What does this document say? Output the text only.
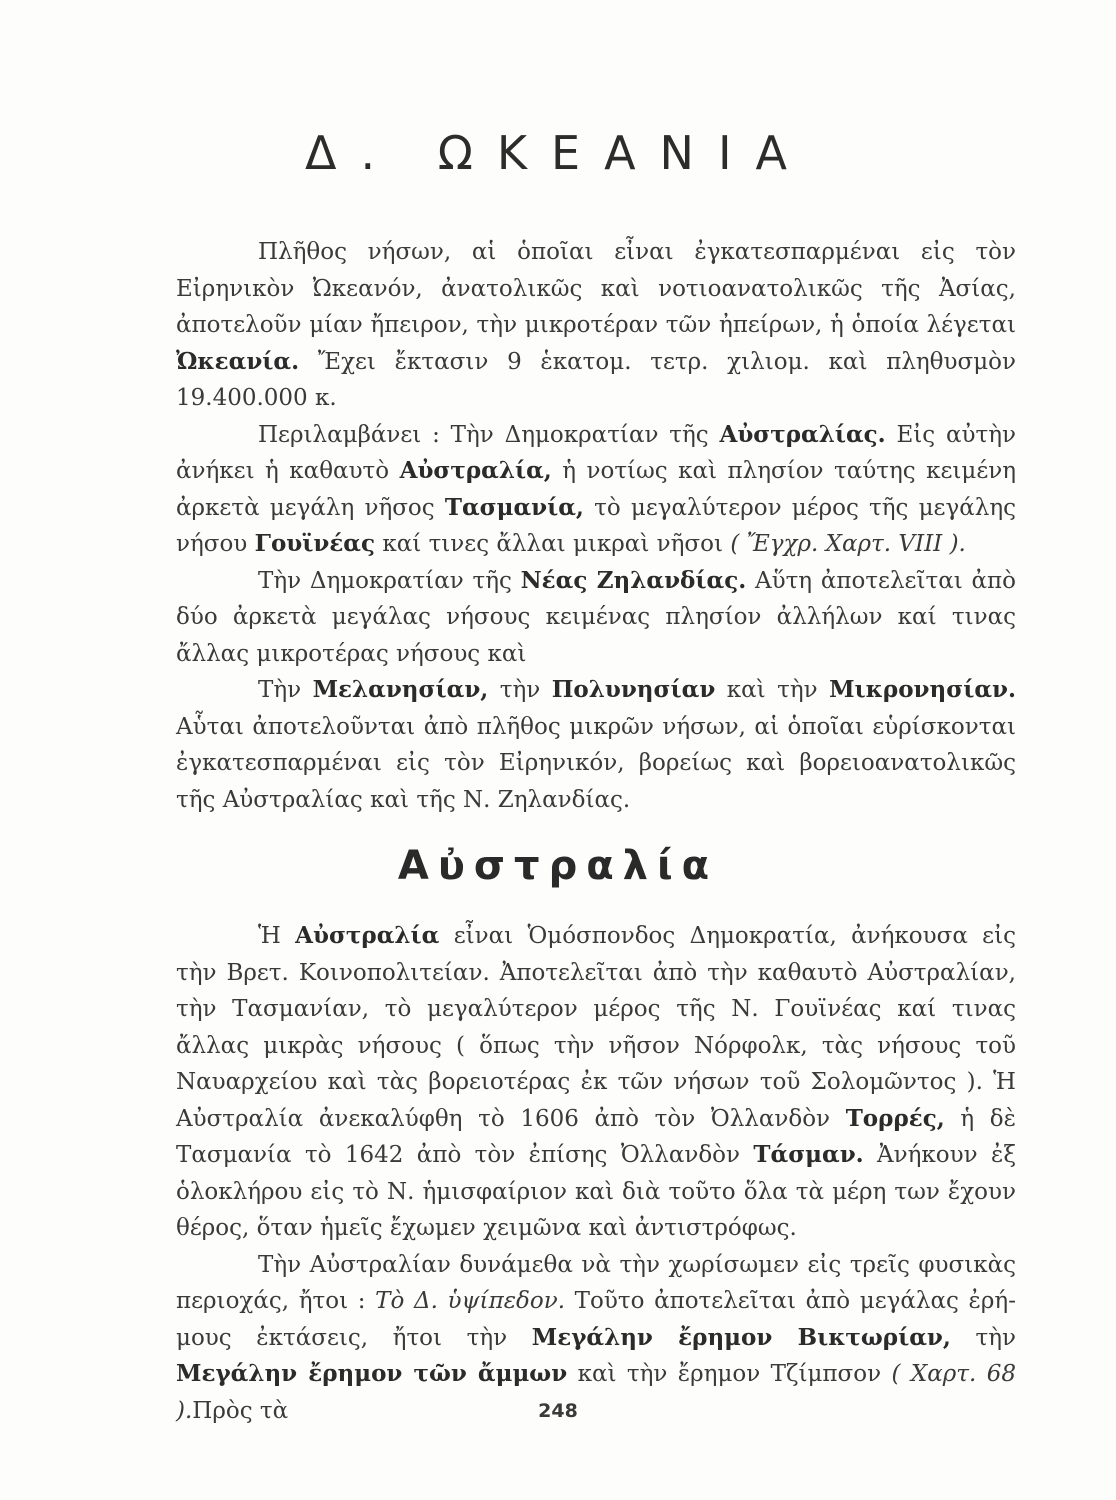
Δ. ΩΚΕΑΝΙΑ

Πλῆθος νήσων, αἱ ὁποῖαι εἶναι ἐγκατεσπαρμέναι εἰς τὸν Εἰρηνικὸν Ὠκεανόν, ἀνατολικῶς καὶ νοτιοανατολικῶς τῆς Ἀσίας, ἀποτελοῦν μίαν ἤπειρον, τὴν μικροτέραν τῶν ἠπείρων, ἡ ὁποία λέγεται Ὠκεανία. Ἔχει ἔκτασιν 9 ἑκατομ. τετρ. χιλιομ. καὶ πληθυσμὸν 19.400.000 κ.

Περιλαμβάνει : Τὴν Δημοκρατίαν τῆς Αὐστραλίας. Εἰς αὐτὴν ἀνήκει ἡ καθαυτὸ Αὐστραλία, ἡ νοτίως καὶ πλησίον ταύτης κειμένη ἀρκετὰ μεγάλη νῆσος Τασμανία, τὸ μεγαλύτερον μέρος τῆς μεγάλης νήσου Γουϊνέας καί τινες ἄλλαι μικραὶ νῆσοι ( Ἔγχρ. Χαρτ. VIII ).

Τὴν Δημοκρατίαν τῆς Νέας Ζηλανδίας. Αὕτη ἀποτελεῖται ἀπὸ δύο ἀρκετὰ μεγάλας νήσους κειμένας πλησίον ἀλλήλων καί τινας ἄλλας μικροτέρας νήσους καὶ

Τὴν Μελανησίαν, τὴν Πολυνησίαν καὶ τὴν Μικρονησίαν. Αὗται ἀποτελοῦνται ἀπὸ πλῆθος μικρῶν νήσων, αἱ ὁποῖαι εὑρίσκονται ἐγκατεσπαρμέναι εἰς τὸν Εἰρηνικόν, βορείως καὶ βορειοανατολικῶς τῆς Αὐστραλίας καὶ τῆς Ν. Ζηλανδίας.

Αὐστραλία

Ἡ Αὐστραλία εἶναι Ὁμόσπονδος Δημοκρατία, ἀνήκουσα εἰς τὴν Βρετ. Κοινοπολιτείαν. Ἀποτελεῖται ἀπὸ τὴν καθαυτὸ Αὐστραλίαν, τὴν Τασμανίαν, τὸ μεγαλύτερον μέρος τῆς Ν. Γουϊνέας καί τινας ἄλλας μικρὰς νήσους ( ὅπως τὴν νῆσον Νόρφολκ, τὰς νήσους τοῦ Ναυαρχείου καὶ τὰς βορειοτέρας ἐκ τῶν νήσων τοῦ Σολομῶντος ). Ἡ Αὐστραλία ἀνεκαλύφθη τὸ 1606 ἀπὸ τὸν Ὀλλανδὸν Τορρές, ἡ δὲ Τασμανία τὸ 1642 ἀπὸ τὸν ἐπίσης Ὀλλανδὸν Τάσμαν. Ἀνήκουν ἐξ ὁλοκλήρου εἰς τὸ Ν. ἡμισφαίριον καὶ διὰ τοῦτο ὅλα τὰ μέρη των ἔχουν θέρος, ὅταν ἡμεῖς ἔχωμεν χειμῶνα καὶ ἀντιστρόφως.

Τὴν Αὐστραλίαν δυνάμεθα νὰ τὴν χωρίσωμεν εἰς τρεῖς φυσικὰς περιοχάς, ἤτοι : Τὸ Δ. ὑψίπεδον. Τοῦτο ἀποτελεῖται ἀπὸ μεγάλας ἐρήμους ἐκτάσεις, ἤτοι τὴν Μεγάλην ἔρημον Βικτωρίαν, τὴν Μεγάλην ἔρημον τῶν ἄμμων καὶ τὴν ἔρημον Τζίμπσον ( Χαρτ. 68 ).Πρὸς τὰ	248
